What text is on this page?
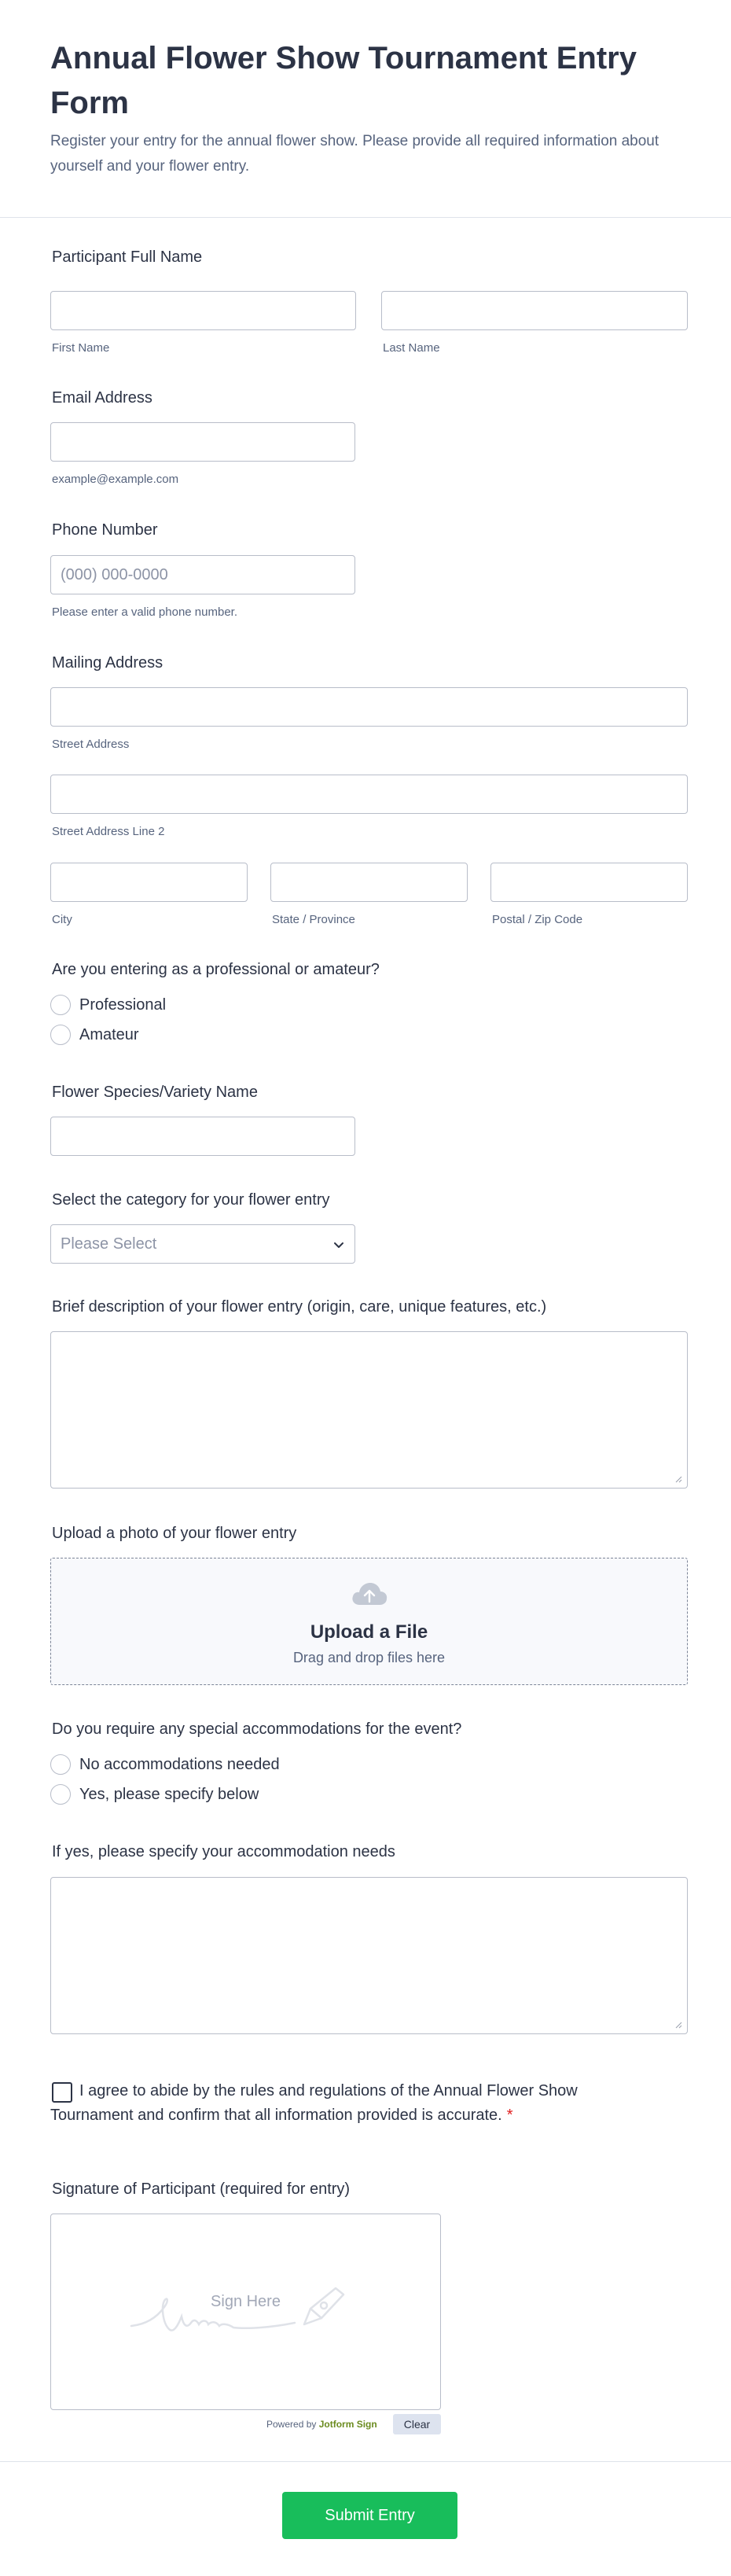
Annual Flower Show Tournament Entry Form

Register your entry for the annual flower show. Please provide all required information about yourself and your flower entry.

Participant Full Name
First Name	Last Name
Email Address
example@example.com
Phone Number
(000) 000-0000
Please enter a valid phone number.
Mailing Address
Street Address
Street Address Line 2
City	State / Province	Postal / Zip Code
Are you entering as a professional or amateur?
Professional
Amateur
Flower Species/Variety Name
Select the category for your flower entry
Please Select
Brief description of your flower entry (origin, care, unique features, etc.)
Upload a photo of your flower entry
Upload a File
Drag and drop files here
Do you require any special accommodations for the event?
No accommodations needed
Yes, please specify below
If yes, please specify your accommodation needs
I agree to abide by the rules and regulations of the Annual Flower Show Tournament and confirm that all information provided is accurate. *
Signature of Participant (required for entry)
Sign Here
Powered by Jotform Sign	Clear
Submit Entry
